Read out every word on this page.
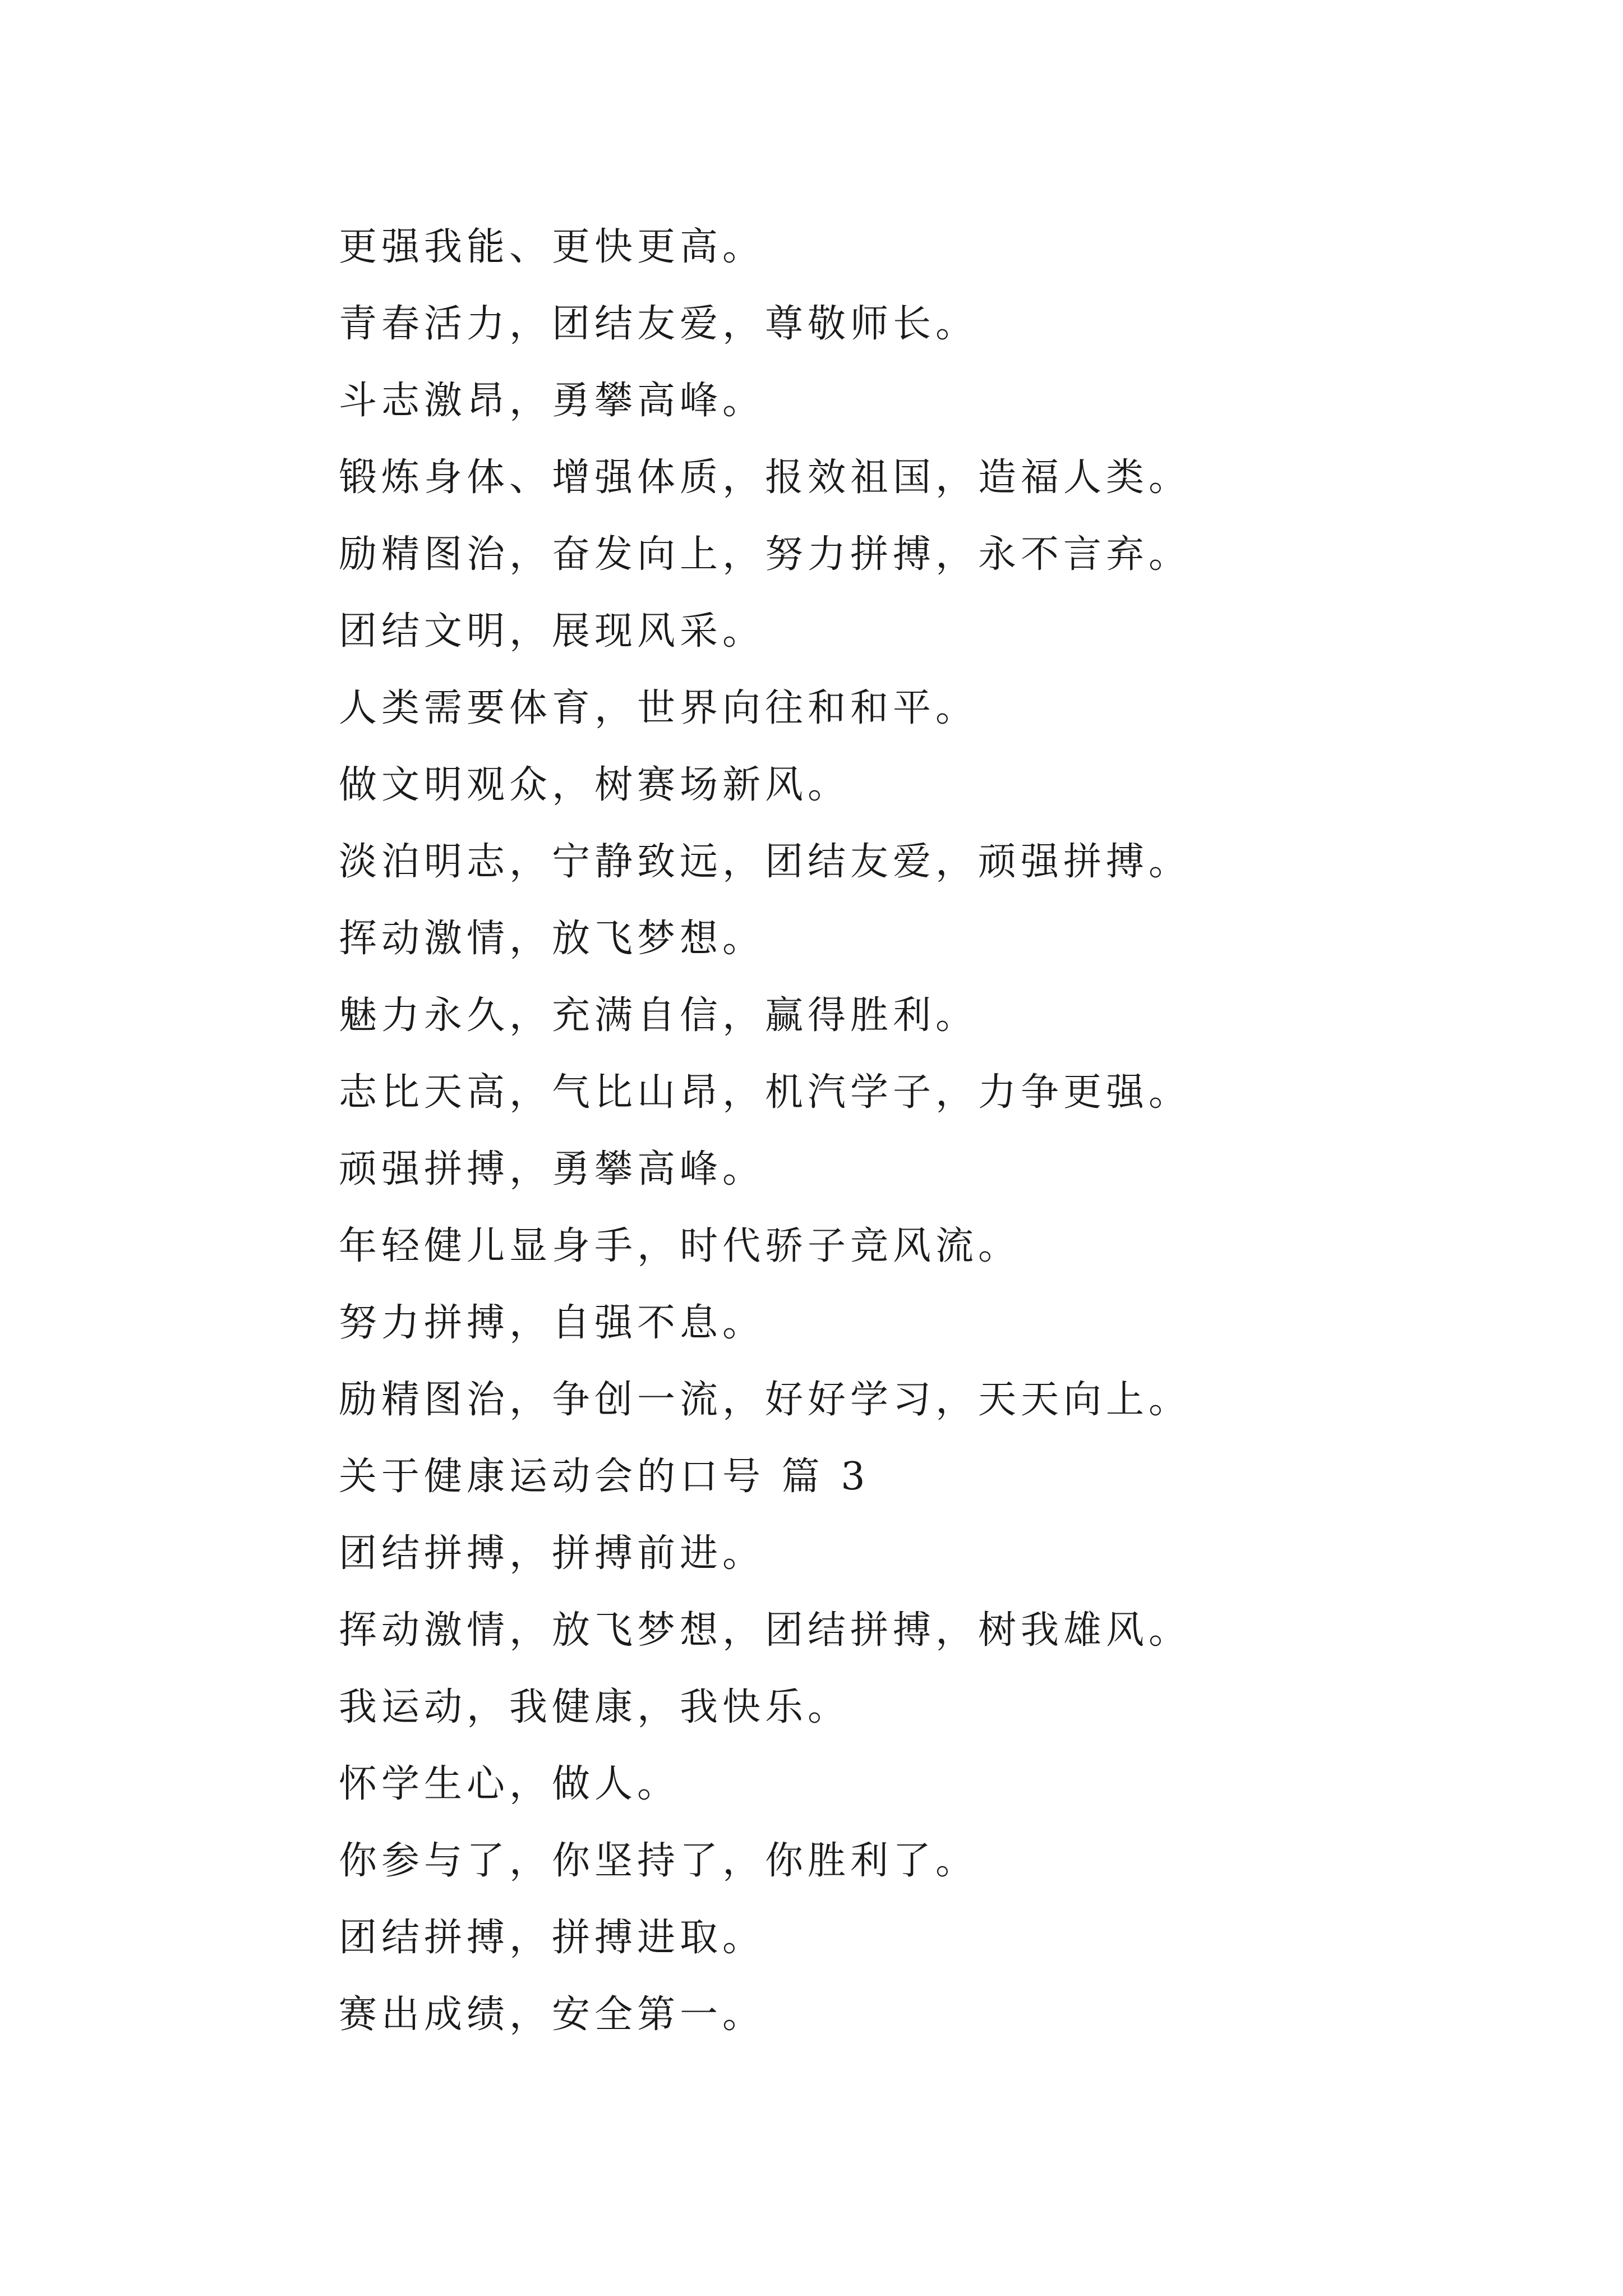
更强我能、更快更高。
青春活力，团结友爱，尊敬师长。
斗志激昂，勇攀高峰。
锻炼身体、增强体质，报效祖国，造福人类。
励精图治，奋发向上，努力拼搏，永不言弃。
团结文明，展现风采。
人类需要体育，世界向往和和平。
做文明观众，树赛场新风。
淡泊明志，宁静致远，团结友爱，顽强拼搏。
挥动激情，放飞梦想。
魅力永久，充满自信，赢得胜利。
志比天高，气比山昂，机汽学子，力争更强。
顽强拼搏，勇攀高峰。
年轻健儿显身手，时代骄子竞风流。
努力拼搏，自强不息。
励精图治，争创一流，好好学习，天天向上。
关于健康运动会的口号 篇 3
团结拼搏，拼搏前进。
挥动激情，放飞梦想，团结拼搏，树我雄风。
我运动，我健康，我快乐。
怀学生心，做人。
你参与了，你坚持了，你胜利了。
团结拼搏，拼搏进取。
赛出成绩，安全第一。
